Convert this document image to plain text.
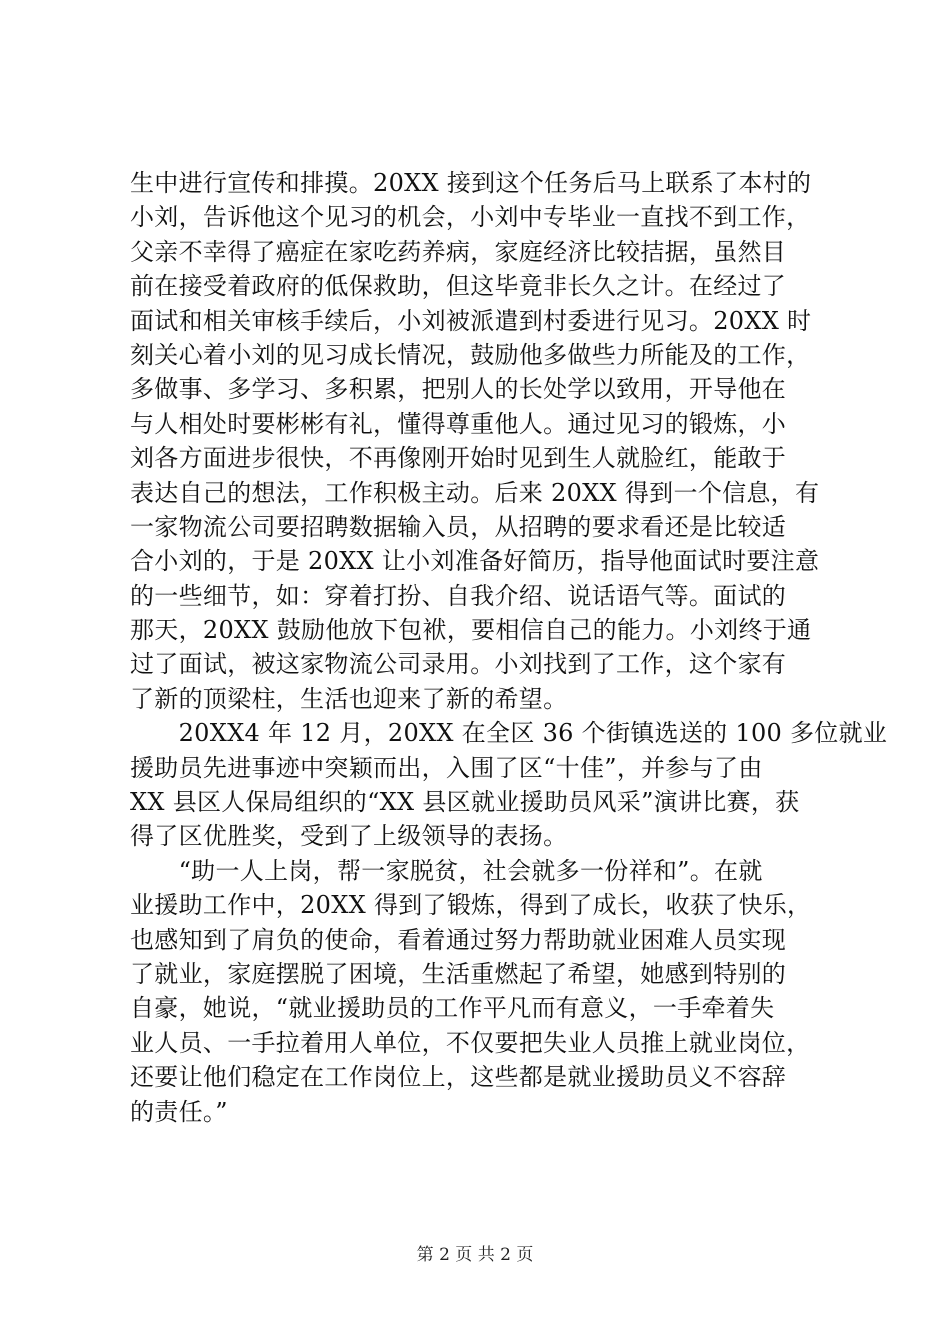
生中进行宣传和排摸。20XX 接到这个任务后马上联系了本村的
小刘，告诉他这个见习的机会，小刘中专毕业一直找不到工作，
父亲不幸得了癌症在家吃药养病，家庭经济比较拮据，虽然目
前在接受着政府的低保救助，但这毕竟非长久之计。在经过了
面试和相关审核手续后，小刘被派遣到村委进行见习。20XX 时
刻关心着小刘的见习成长情况，鼓励他多做些力所能及的工作，
多做事、多学习、多积累，把别人的长处学以致用，开导他在
与人相处时要彬彬有礼，懂得尊重他人。通过见习的锻炼，小
刘各方面进步很快，不再像刚开始时见到生人就脸红，能敢于
表达自己的想法，工作积极主动。后来 20XX 得到一个信息，有
一家物流公司要招聘数据输入员，从招聘的要求看还是比较适
合小刘的，于是 20XX 让小刘准备好简历，指导他面试时要注意
的一些细节，如：穿着打扮、自我介绍、说话语气等。面试的
那天，20XX 鼓励他放下包袱，要相信自己的能力。小刘终于通
过了面试，被这家物流公司录用。小刘找到了工作，这个家有
了新的顶梁柱，生活也迎来了新的希望。
　　20XX4 年 12 月，20XX 在全区 36 个街镇选送的 100 多位就业
援助员先进事迹中突颖而出，入围了区“十佳”，并参与了由
XX 县区人保局组织的“XX 县区就业援助员风采”演讲比赛，获
得了区优胜奖，受到了上级领导的表扬。
　　“助一人上岗，帮一家脱贫，社会就多一份祥和”。在就
业援助工作中，20XX 得到了锻炼，得到了成长，收获了快乐，
也感知到了肩负的使命，看着通过努力帮助就业困难人员实现
了就业，家庭摆脱了困境，生活重燃起了希望，她感到特别的
自豪，她说，“就业援助员的工作平凡而有意义，一手牵着失
业人员、一手拉着用人单位，不仅要把失业人员推上就业岗位，
还要让他们稳定在工作岗位上，这些都是就业援助员义不容辞
的责任。”
第 2 页 共 2 页
